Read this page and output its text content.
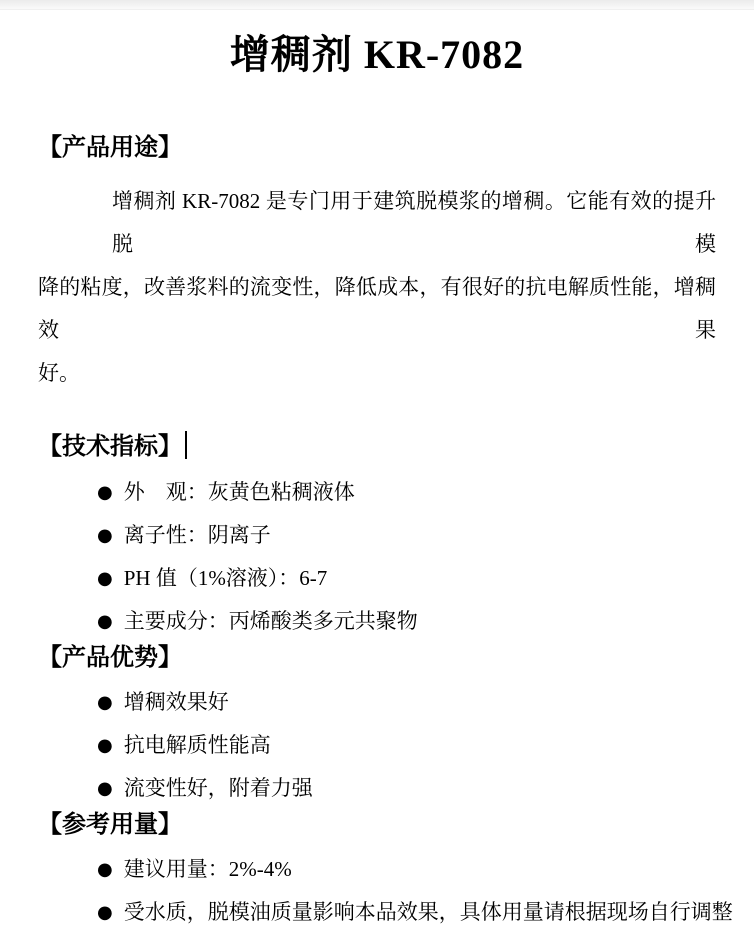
增稠剂 KR-7082
【产品用途】

增稠剂 KR-7082 是专门用于建筑脱模浆的增稠。它能有效的提升脱模
降的粘度，改善浆料的流变性，降低成本，有很好的抗电解质性能，增稠效果
好。

【技术指标】
● 外　观：灰黄色粘稠液体
● 离子性：阴离子
● PH 值（1%溶液）：6-7
● 主要成分：丙烯酸类多元共聚物
【产品优势】
● 增稠效果好
● 抗电解质性能高
● 流变性好，附着力强
【参考用量】
● 建议用量：2%-4%
● 受水质，脱模油质量影响本品效果，具体用量请根据现场自行调整
